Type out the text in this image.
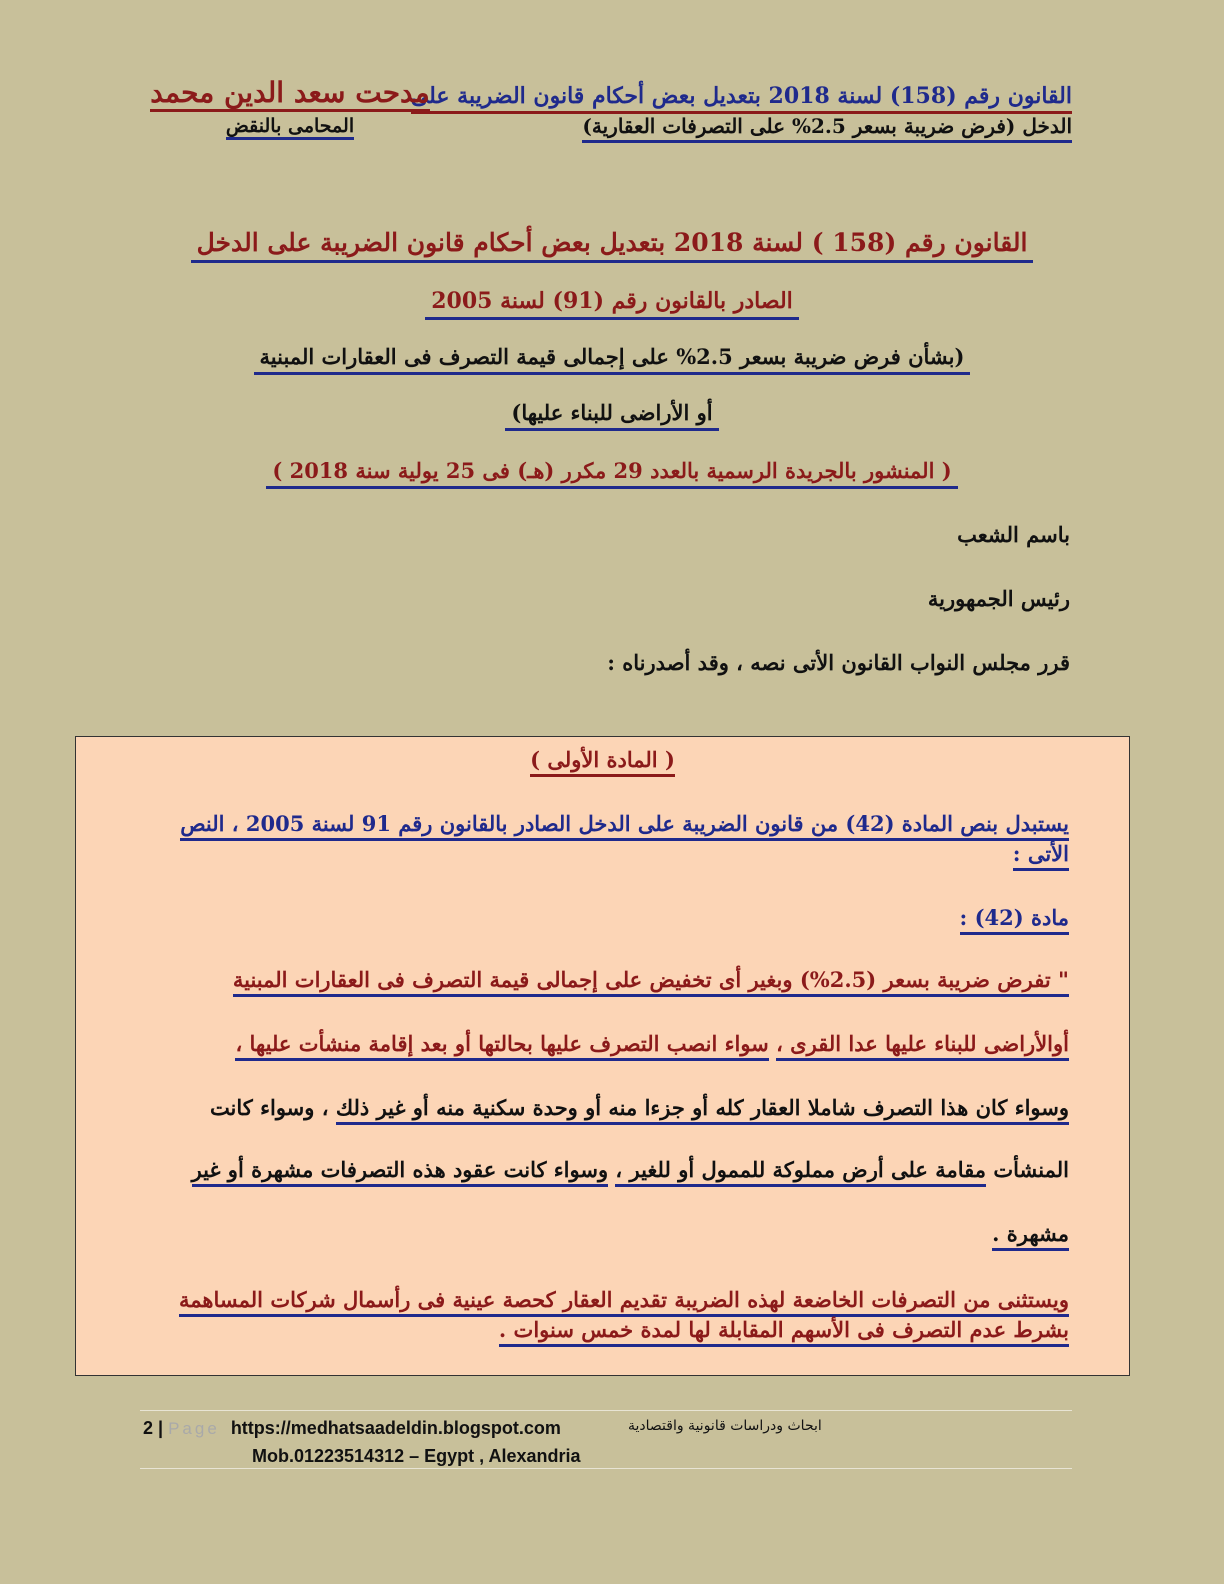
القانون رقم (158) لسنة 2018 بتعديل بعض أحكام قانون الضريبة على
الدخل (فرض ضريبة بسعر 2.5% على التصرفات العقارية)
مدحت سعد الدين محمد
المحامى بالنقض
القانون رقم (158 ) لسنة 2018 بتعديل بعض أحكام قانون الضريبة على الدخل
الصادر بالقانون رقم (91) لسنة 2005
(بشأن فرض ضريبة بسعر 2.5% على إجمالى قيمة التصرف فى العقارات المبنية
أو الأراضى للبناء عليها)
( المنشور بالجريدة الرسمية بالعدد 29 مكرر (هـ) فى 25 يولية سنة 2018 )
باسم الشعب
رئيس الجمهورية
قرر مجلس النواب القانون الأتى نصه ، وقد أصدرناه :
( المادة الأولى )
يستبدل بنص المادة (42) من قانون الضريبة على الدخل الصادر بالقانون رقم 91 لسنة 2005 ، النص
الأتى :
مادة (42) :
" تفرض ضريبة بسعر (2.5%) وبغير أى تخفيض على إجمالى قيمة التصرف فى العقارات المبنية
أوالأراضى للبناء عليها عدا القرى ، سواء انصب التصرف عليها بحالتها أو بعد إقامة منشأت عليها ،
وسواء كان هذا التصرف شاملا العقار كله أو جزءا منه أو وحدة سكنية منه أو غير ذلك ، وسواء كانت
المنشأت مقامة على أرض مملوكة للممول أو للغير ، وسواء كانت عقود هذه التصرفات مشهرة أو غير
مشهرة .
ويستثنى من التصرفات الخاضعة لهذه الضريبة تقديم العقار كحصة عينية فى رأسمال شركات المساهمة
بشرط عدم التصرف فى الأسهم المقابلة لها لمدة خمس سنوات .
2 | Page https://medhatsaadeldin.blogspot.com	ابحاث ودراسات قانونية واقتصادية
Mob.01223514312 – Egypt , Alexandria
